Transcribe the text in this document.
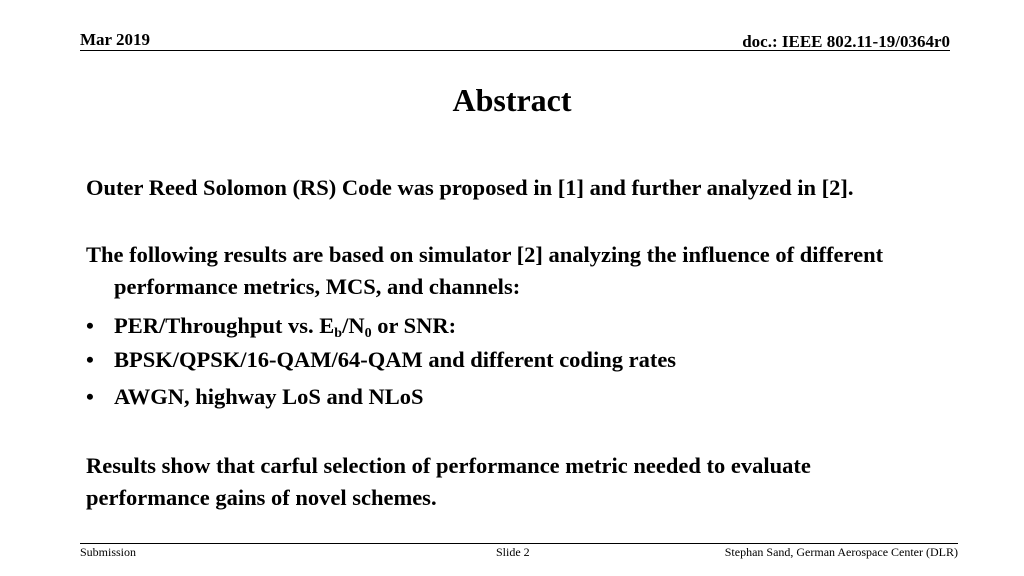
Mar 2019	doc.: IEEE 802.11-19/0364r0
Abstract
Outer Reed Solomon (RS) Code was proposed in [1] and further analyzed in [2].
The following results are based on simulator [2] analyzing the influence of different performance metrics, MCS, and channels:
• PER/Throughput vs. $E_b/N_0$ or SNR:
• BPSK/QPSK/16-QAM/64-QAM and different coding rates
• AWGN, highway LoS and NLoS
Results show that carful selection of performance metric needed to evaluate performance gains of novel schemes.
Submission	Slide 2	Stephan Sand, German Aerospace Center (DLR)
